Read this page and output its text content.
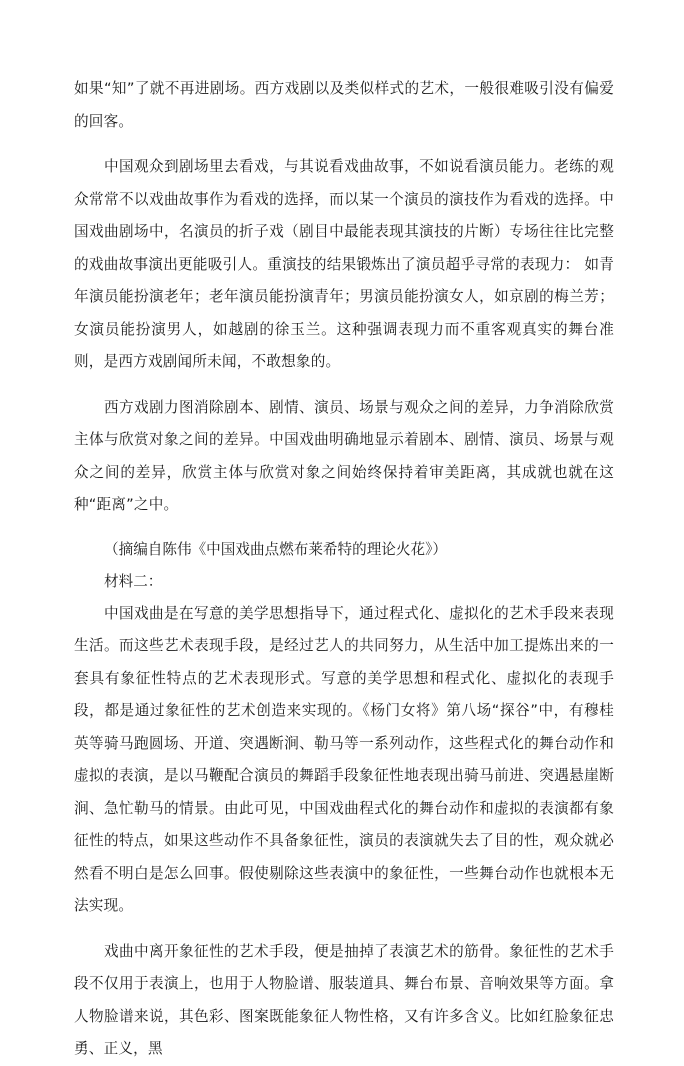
如果“知”了就不再进剧场。西方戏剧以及类似样式的艺术，一般很难吸引没有偏爱的回客。

中国观众到剧场里去看戏，与其说看戏曲故事，不如说看演员能力。老练的观众常常不以戏曲故事作为看戏的选择，而以某一个演员的演技作为看戏的选择。中国戏曲剧场中，名演员的折子戏（剧目中最能表现其演技的片断）专场往往比完整的戏曲故事演出更能吸引人。重演技的结果锻炼出了演员超乎寻常的表现力： 如青年演员能扮演老年；老年演员能扮演青年；男演员能扮演女人，如京剧的梅兰芳；女演员能扮演男人，如越剧的徐玉兰。这种强调表现力而不重客观真实的舞台准则，是西方戏剧闻所未闻，不敢想象的。

西方戏剧力图消除剧本、剧情、演员、场景与观众之间的差异，力争消除欣赏主体与欣赏对象之间的差异。中国戏曲明确地显示着剧本、剧情、演员、场景与观众之间的差异，欣赏主体与欣赏对象之间始终保持着审美距离，其成就也就在这种“距离”之中。

（摘编自陈伟《中国戏曲点燃布莱希特的理论火花》）
材料二：

中国戏曲是在写意的美学思想指导下，通过程式化、虚拟化的艺术手段来表现生活。而这些艺术表现手段，是经过艺人的共同努力，从生活中加工提炼出来的一套具有象征性特点的艺术表现形式。写意的美学思想和程式化、虚拟化的表现手段，都是通过象征性的艺术创造来实现的。《杨门女将》第八场“探谷”中，有穆桂英等骑马跑圆场、开道、突遇断涧、勒马等一系列动作，这些程式化的舞台动作和虚拟的表演，是以马鞭配合演员的舞蹈手段象征性地表现出骑马前进、突遇悬崖断涧、急忙勒马的情景。由此可见，中国戏曲程式化的舞台动作和虚拟的表演都有象征性的特点，如果这些动作不具备象征性，演员的表演就失去了目的性，观众就必然看不明白是怎么回事。假使剔除这些表演中的象征性，一些舞台动作也就根本无法实现。

戏曲中离开象征性的艺术手段，便是抽掉了表演艺术的筋骨。象征性的艺术手段不仅用于表演上，也用于人物脸谱、服装道具、舞台布景、音响效果等方面。拿人物脸谱来说，其色彩、图案既能象征人物性格，又有许多含义。比如红脸象征忠勇、正义，黑
